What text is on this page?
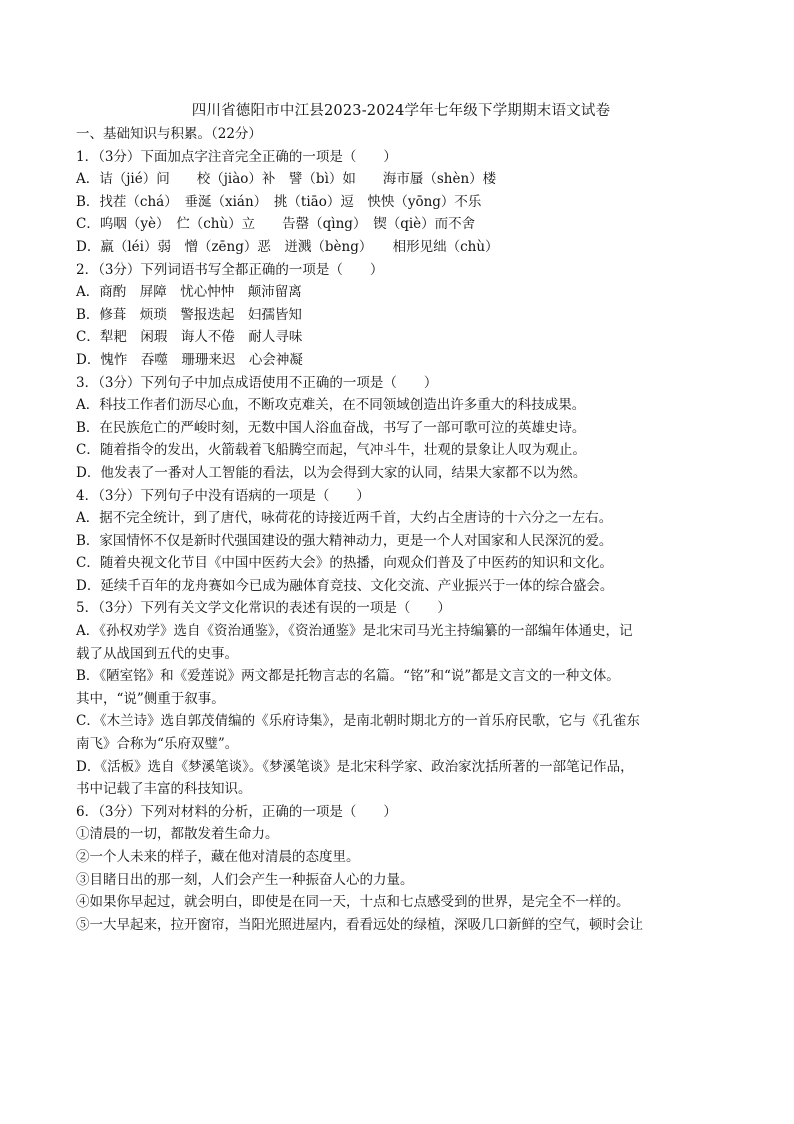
四川省德阳市中江县2023-2024学年七年级下学期期末语文试卷
一、基础知识与积累。（22分）
1．（3分）下面加点字注音完全正确的一项是（　　）
A．诘（jié）问　　校（jiào）补　譬（bì）如　　海市蜃（shèn）楼
B．找茬（chá）　垂涎（xián）　挑（tiāo）逗　怏怏（yōng）不乐
C．呜咽（yè）　伫（chù）立　　告罄（qìng）　锲（qiè）而不舍
D．羸（léi）弱　憎（zēng）恶　迸溅（bèng）　　相形见绌（chù）
2．（3分）下列词语书写全都正确的一项是（　　）
A．商酌　屏障　忧心忡忡　颠沛留离
B．修葺　烦琐　警报迭起　妇孺皆知
C．犁耙　闲瑕　诲人不倦　耐人寻味
D．愧怍　吞噬　珊珊来迟　心会神凝
3．（3分）下列句子中加点成语使用不正确的一项是（　　）
A．科技工作者们沥尽心血，不断攻克难关，在不同领域创造出许多重大的科技成果。
B．在民族危亡的严峻时刻，无数中国人浴血奋战，书写了一部可歌可泣的英雄史诗。
C．随着指令的发出，火箭载着飞船腾空而起，气冲斗牛，壮观的景象让人叹为观止。
D．他发表了一番对人工智能的看法，以为会得到大家的认同，结果大家都不以为然。
4．（3分）下列句子中没有语病的一项是（　　）
A．据不完全统计，到了唐代，咏荷花的诗接近两千首，大约占全唐诗的十六分之一左右。
B．家国情怀不仅是新时代强国建设的强大精神动力，更是一个人对国家和人民深沉的爱。
C．随着央视文化节目《中国中医药大会》的热播，向观众们普及了中医药的知识和文化。
D．延续千百年的龙舟赛如今已成为融体育竞技、文化交流、产业振兴于一体的综合盛会。
5．（3分）下列有关文学文化常识的表述有误的一项是（　　）
A．《孙权劝学》选自《资治通鉴》，《资治通鉴》是北宋司马光主持编纂的一部编年体通史，记
载了从战国到五代的史事。
B．《陋室铭》和《爱莲说》两文都是托物言志的名篇。“铭”和“说”都是文言文的一种文体。
其中，“说”侧重于叙事。
C．《木兰诗》选自郭茂倩编的《乐府诗集》，是南北朝时期北方的一首乐府民歌，它与《孔雀东
南飞》合称为“乐府双璧”。
D．《活板》选自《梦溪笔谈》。《梦溪笔谈》是北宋科学家、政治家沈括所著的一部笔记作品，
书中记载了丰富的科技知识。
6．（3分）下列对材料的分析，正确的一项是（　　）
①清晨的一切，都散发着生命力。
②一个人未来的样子，藏在他对清晨的态度里。
③目睹日出的那一刻，人们会产生一种振奋人心的力量。
④如果你早起过，就会明白，即使是在同一天，十点和七点感受到的世界，是完全不一样的。
⑤一大早起来，拉开窗帘，当阳光照进屋内，看看远处的绿植，深吸几口新鲜的空气，顿时会让
